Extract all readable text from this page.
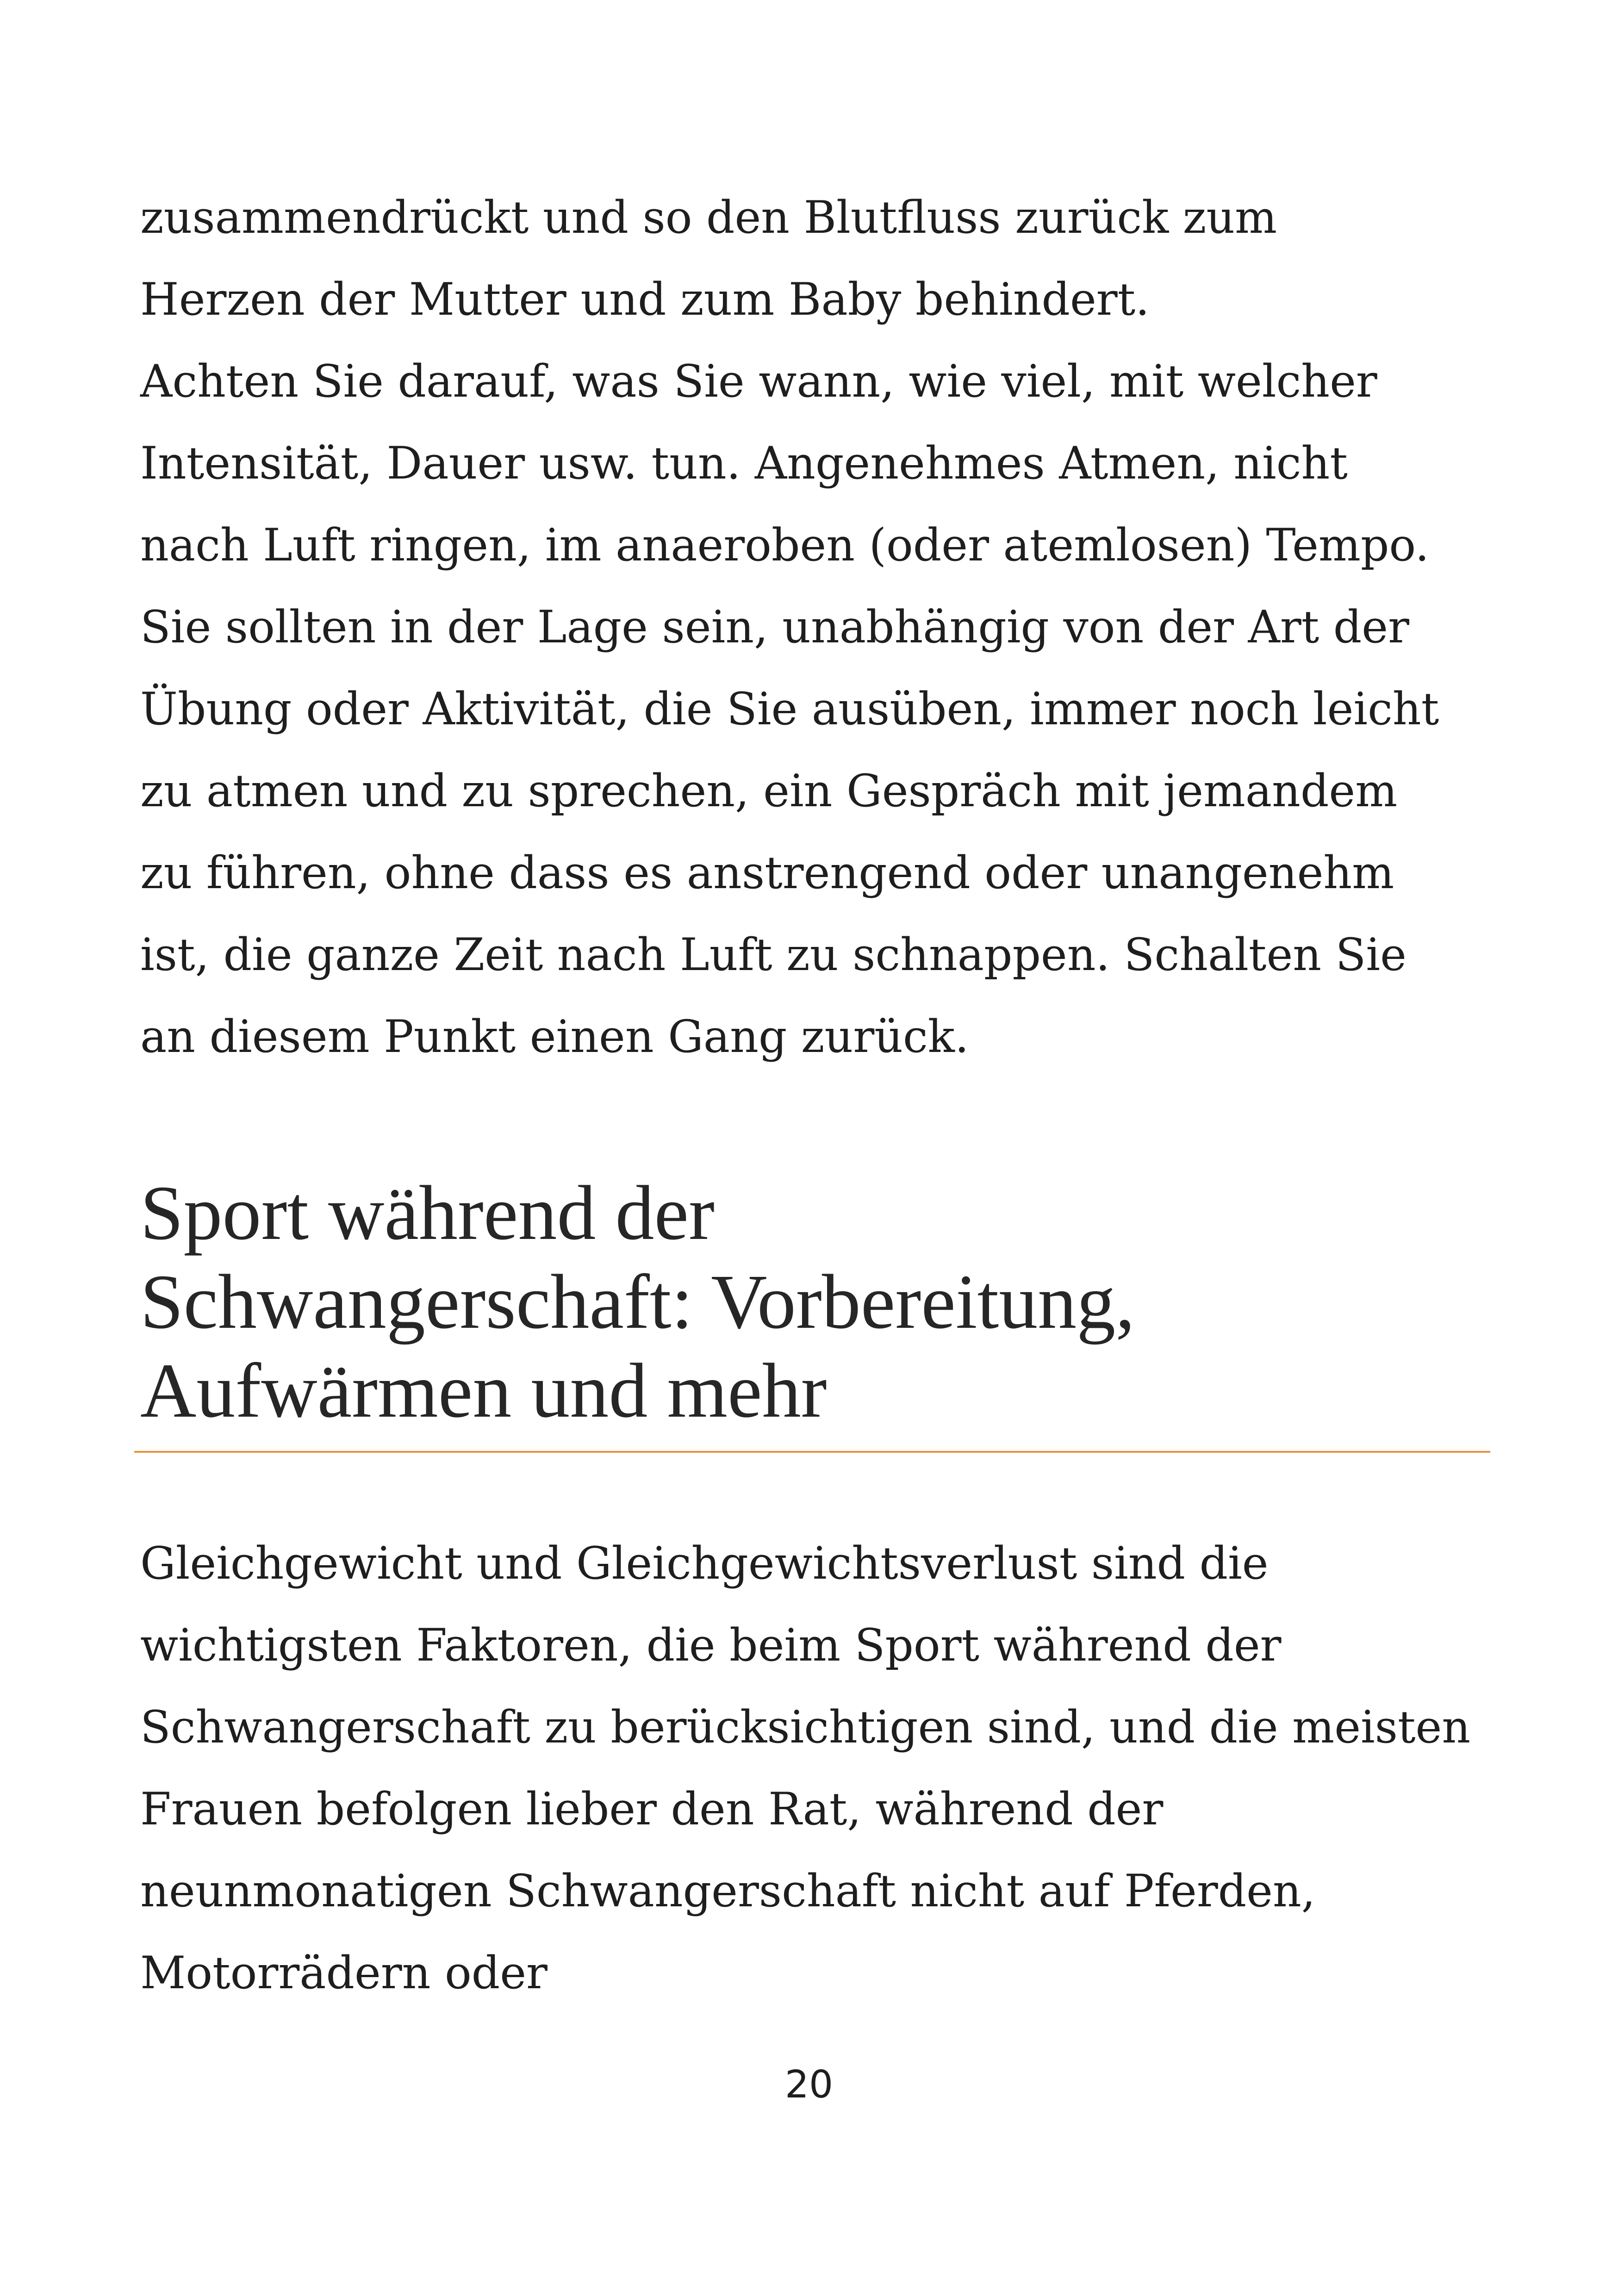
zusammendrückt und so den Blutfluss zurück zum
Herzen der Mutter und zum Baby behindert.
Achten Sie darauf, was Sie wann, wie viel, mit welcher
Intensität, Dauer usw. tun. Angenehmes Atmen, nicht
nach Luft ringen, im anaeroben (oder atemlosen) Tempo.
Sie sollten in der Lage sein, unabhängig von der Art der
Übung oder Aktivität, die Sie ausüben, immer noch leicht
zu atmen und zu sprechen, ein Gespräch mit jemandem
zu führen, ohne dass es anstrengend oder unangenehm
ist, die ganze Zeit nach Luft zu schnappen. Schalten Sie
an diesem Punkt einen Gang zurück.
Sport während der
Schwangerschaft: Vorbereitung,
Aufwärmen und mehr
Gleichgewicht und Gleichgewichtsverlust sind die
wichtigsten Faktoren, die beim Sport während der
Schwangerschaft zu berücksichtigen sind, und die meisten
Frauen befolgen lieber den Rat, während der
neunmonatigen Schwangerschaft nicht auf Pferden,
Motorrädern oder
20
